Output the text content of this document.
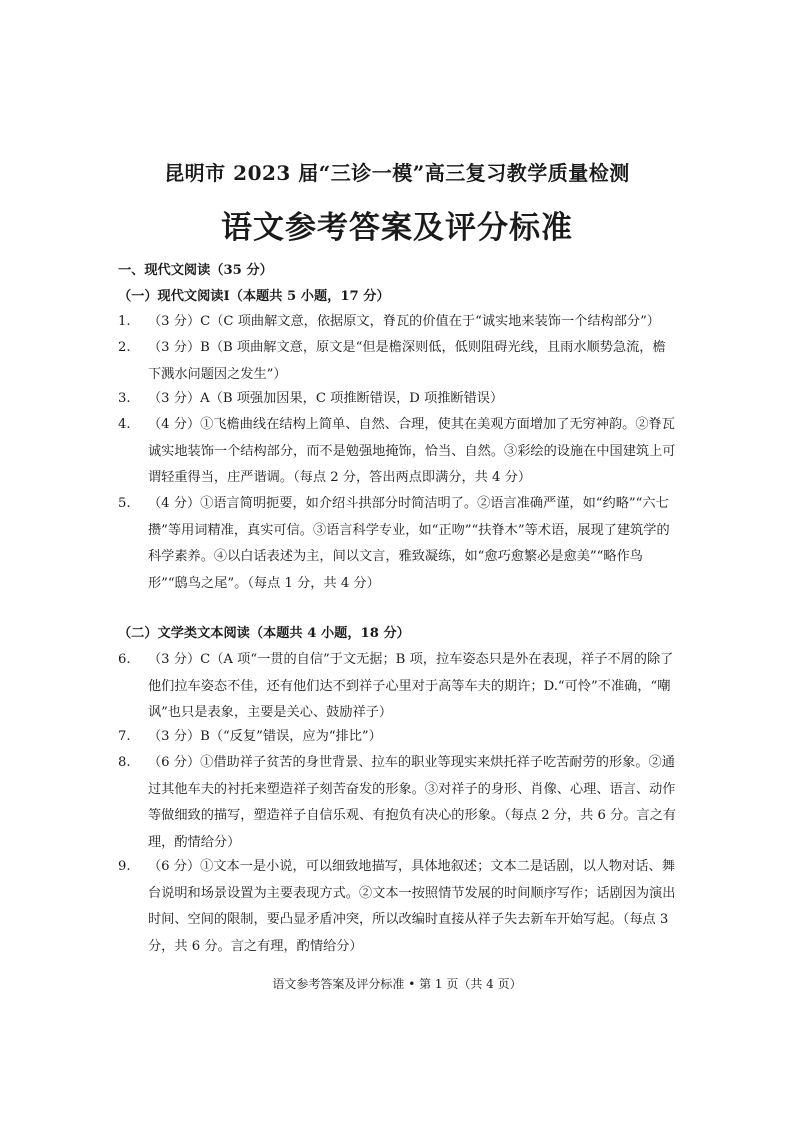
昆明市 2023 届“三诊一模”高三复习教学质量检测
语文参考答案及评分标准
一、现代文阅读（35 分）
（一）现代文阅读Ⅰ（本题共 5 小题，17 分）
1. （3 分）C（C 项曲解文意，依据原文，脊瓦的价值在于“诚实地来装饰一个结构部分”）
2. （3 分）B（B 项曲解文意，原文是“但是檐深则低，低则阻碍光线，且雨水顺势急流，檐下溅水问题因之发生”）
3. （3 分）A（B 项强加因果，C 项推断错误，D 项推断错误）
4. （4 分）①飞檐曲线在结构上简单、自然、合理，使其在美观方面增加了无穷神韵。②脊瓦诚实地装饰一个结构部分，而不是勉强地掩饰，恰当、自然。③彩绘的设施在中国建筑上可谓轻重得当，庄严谐调。（每点 2 分，答出两点即满分，共 4 分）
5. （4 分）①语言简明扼要，如介绍斗拱部分时简洁明了。②语言准确严谨，如“约略”“六七攒”等用词精准，真实可信。③语言科学专业，如“正吻”“扶脊木”等术语，展现了建筑学的科学素养。④以白话表述为主，间以文言，雅致凝练，如“愈巧愈繁必是愈美”“略作鸟形”“鸱鸟之尾”。（每点 1 分，共 4 分）
（二）文学类文本阅读（本题共 4 小题，18 分）
6. （3 分）C（A 项“一贯的自信”于文无据；B 项，拉车姿态只是外在表现，祥子不屑的除了他们拉车姿态不佳，还有他们达不到祥子心里对于高等车夫的期许；D.“可怜”不准确，“嘲讽”也只是表象，主要是关心、鼓励祥子）
7. （3 分）B（“反复”错误，应为“排比”）
8. （6 分）①借助祥子贫苦的身世背景、拉车的职业等现实来烘托祥子吃苦耐劳的形象。②通过其他车夫的衬托来塑造祥子刻苦奋发的形象。③对祥子的身形、肖像、心理、语言、动作等做细致的描写，塑造祥子自信乐观、有抱负有决心的形象。（每点 2 分，共 6 分。言之有理，酌情给分）
9. （6 分）①文本一是小说，可以细致地描写，具体地叙述；文本二是话剧，以人物对话、舞台说明和场景设置为主要表现方式。②文本一按照情节发展的时间顺序写作；话剧因为演出时间、空间的限制，要凸显矛盾冲突，所以改编时直接从祥子失去新车开始写起。（每点 3 分，共 6 分。言之有理，酌情给分）
语文参考答案及评分标准 • 第 1 页（共 4 页）
